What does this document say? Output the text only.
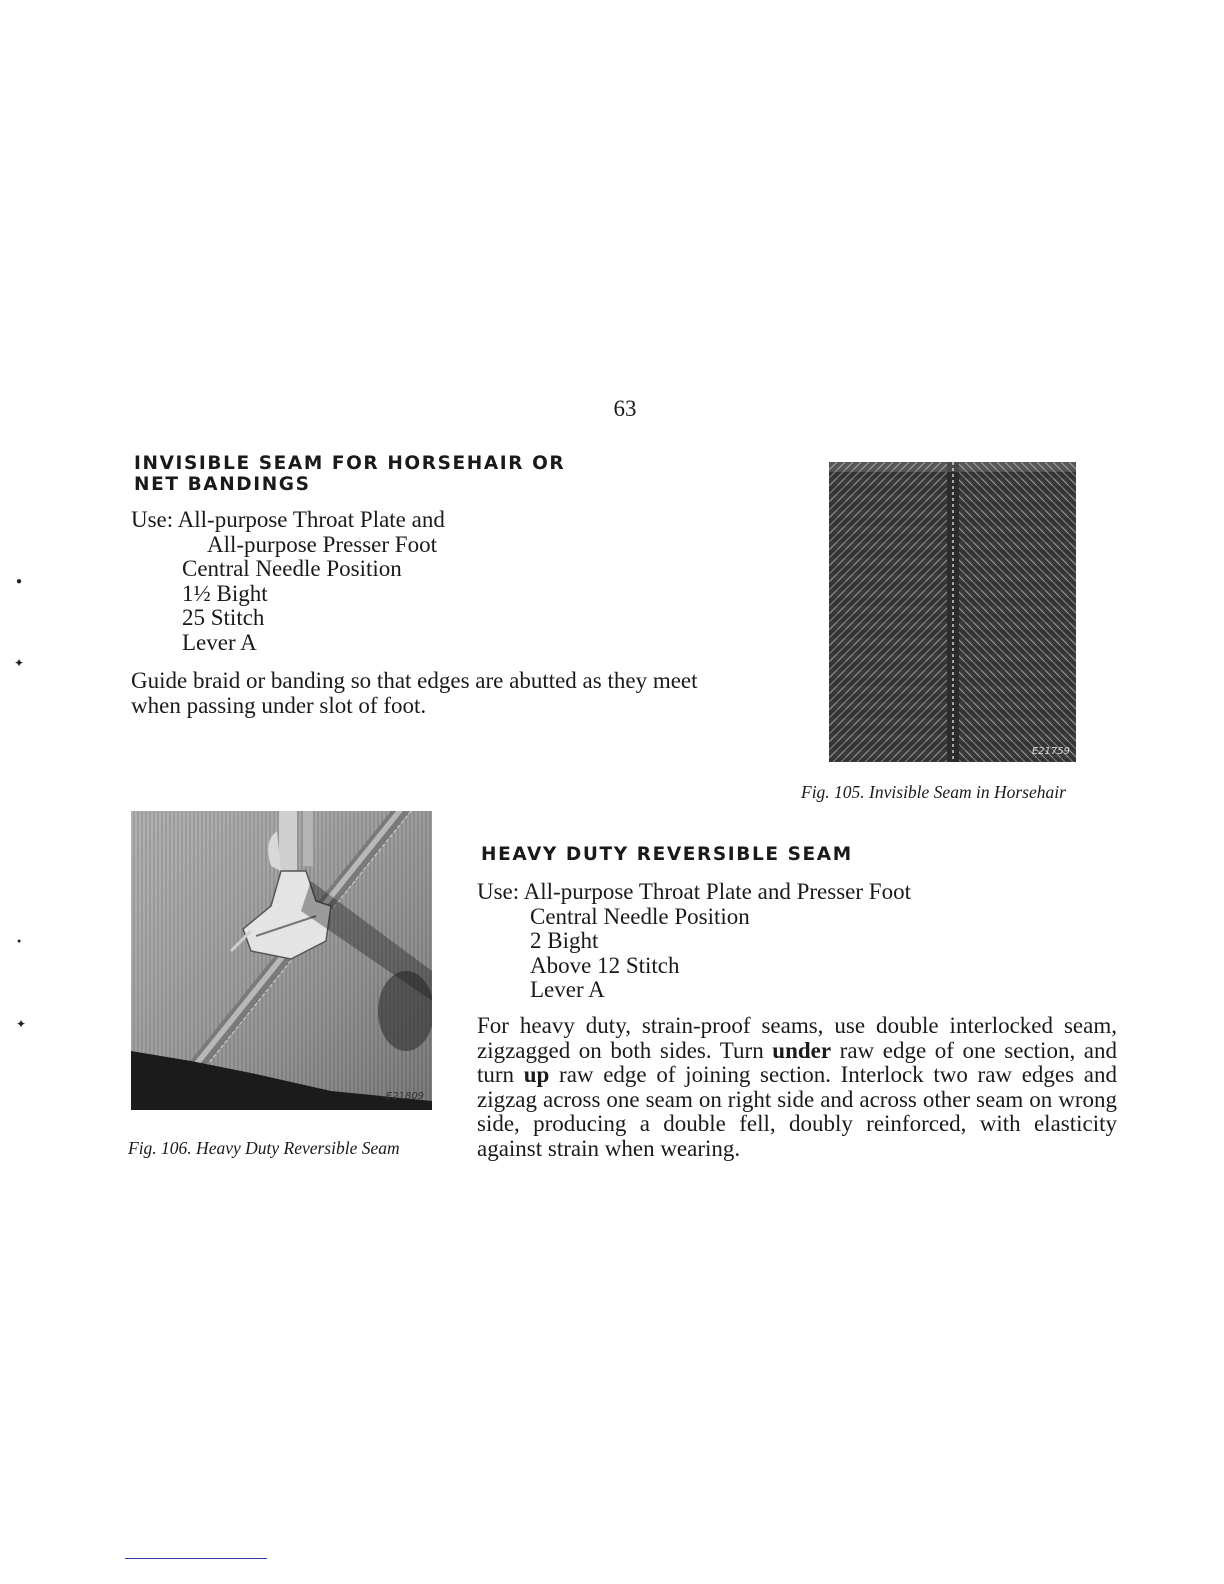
63
INVISIBLE SEAM FOR HORSEHAIR OR
NET BANDINGS
Use: All-purpose Throat Plate and
All-purpose Presser Foot
Central Needle Position
1½ Bight
25 Stitch
Lever A
Guide braid or banding so that edges are abutted as they meet
when passing under slot of foot.
E21759
Fig. 105. Invisible Seam in Horsehair
E21809
Fig. 106. Heavy Duty Reversible Seam
HEAVY DUTY REVERSIBLE SEAM
Use: All-purpose Throat Plate and Presser Foot
Central Needle Position
2 Bight
Above 12 Stitch
Lever A
For heavy duty, strain-proof seams, use double interlocked seam, zigzagged on both sides. Turn under raw edge of one section, and turn up raw edge of joining section. Interlock two raw edges and zigzag across one seam on right side and across other seam on wrong side, producing a double fell, doubly reinforced, with elasticity against strain when wearing.
●
✦
●
✦
